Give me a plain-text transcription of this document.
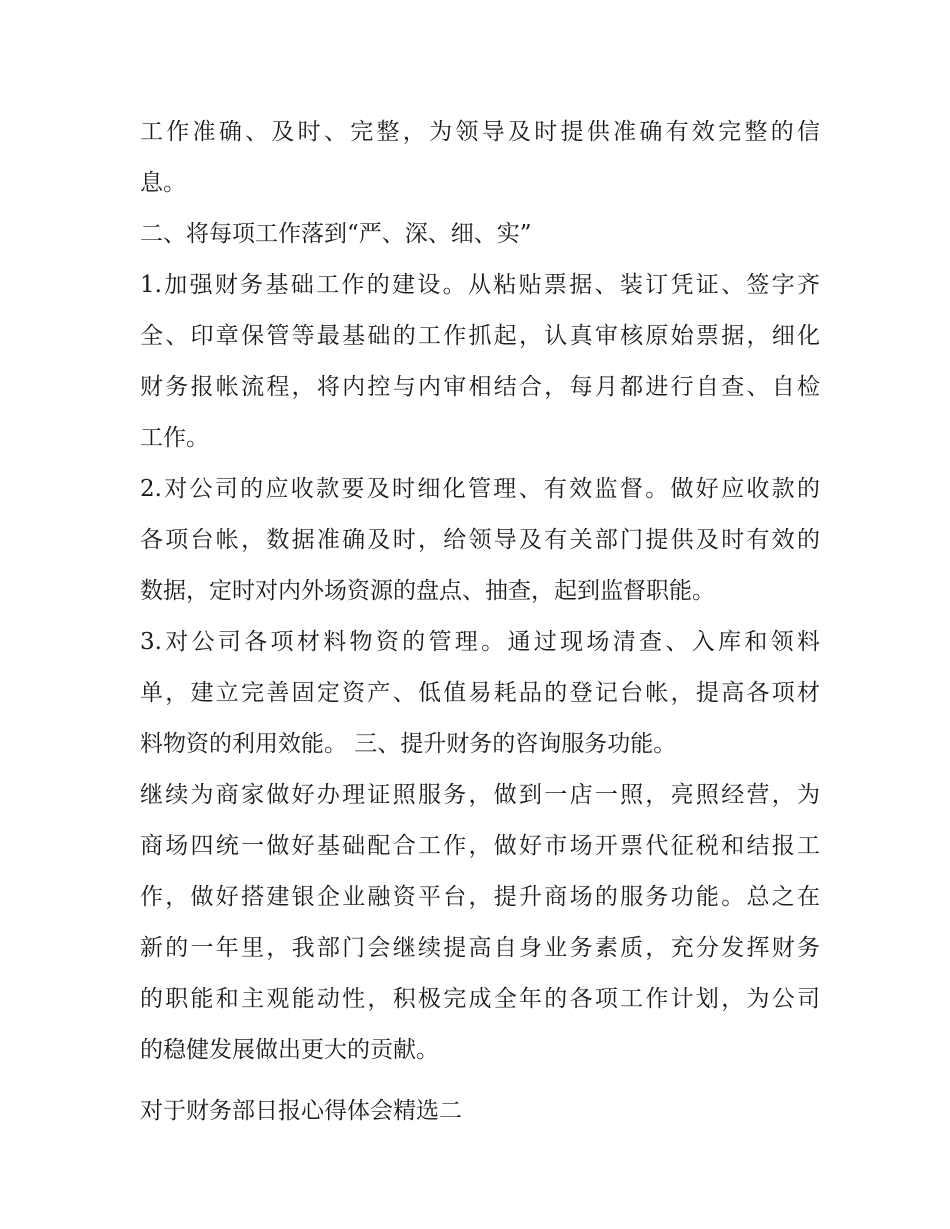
工作准确、及时、完整，为领导及时提供准确有效完整的信
息。
二、将每项工作落到“严、深、细、实”
1.加强财务基础工作的建设。从粘贴票据、装订凭证、签字齐
全、印章保管等最基础的工作抓起，认真审核原始票据，细化
财务报帐流程，将内控与内审相结合，每月都进行自查、自检
工作。
2.对公司的应收款要及时细化管理、有效监督。做好应收款的
各项台帐，数据准确及时，给领导及有关部门提供及时有效的
数据，定时对内外场资源的盘点、抽查，起到监督职能。
3.对公司各项材料物资的管理。通过现场清查、入库和领料
单，建立完善固定资产、低值易耗品的登记台帐，提高各项材
料物资的利用效能。 三、提升财务的咨询服务功能。
继续为商家做好办理证照服务，做到一店一照，亮照经营，为
商场四统一做好基础配合工作，做好市场开票代征税和结报工
作，做好搭建银企业融资平台，提升商场的服务功能。总之在
新的一年里，我部门会继续提高自身业务素质，充分发挥财务
的职能和主观能动性，积极完成全年的各项工作计划，为公司
的稳健发展做出更大的贡献。
对于财务部日报心得体会精选二
